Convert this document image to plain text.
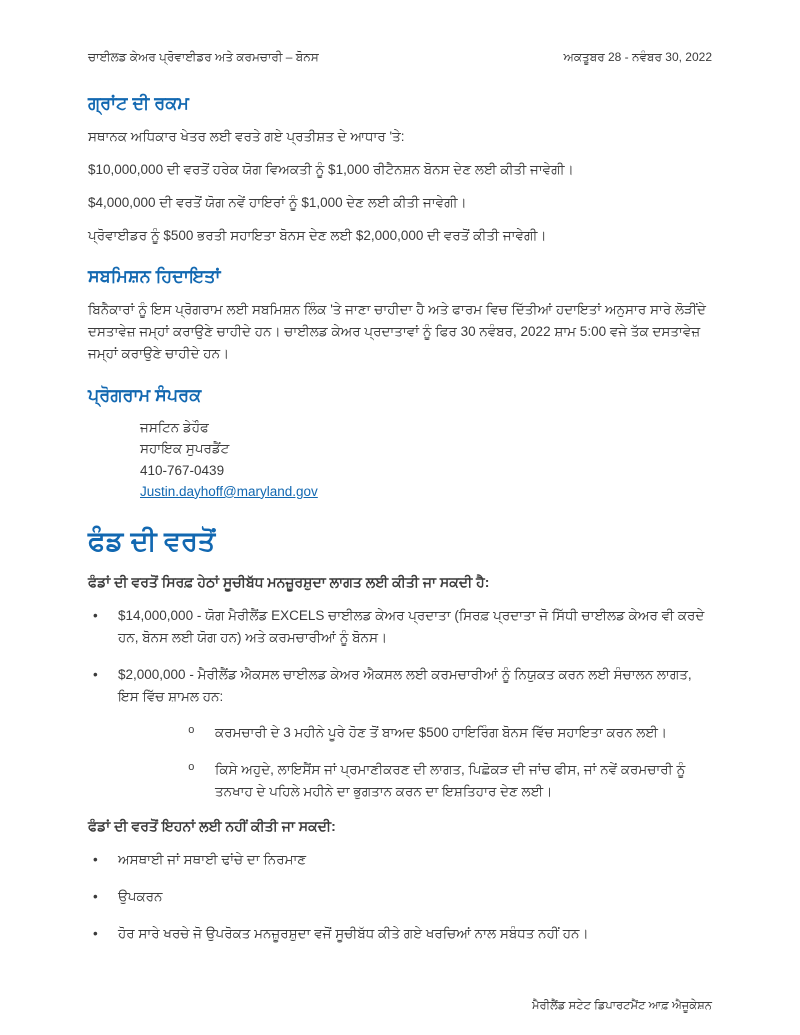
ਚਾਈਲਡ ਕੇਅਰ ਪ੍ਰੋਵਾਈਡਰ ਅਤੇ ਕਰਮਚਾਰੀ – ਬੋਨਸ	ਅਕਤੂਬਰ 28 - ਨਵੰਬਰ 30, 2022
ਗ੍ਰਾਂਟ ਦੀ ਰਕਮ

ਸਥਾਨਕ ਅਧਿਕਾਰ ਖੇਤਰ ਲਈ ਵਰਤੇ ਗਏ ਪ੍ਰਤੀਸ਼ਤ ਦੇ ਆਧਾਰ 'ਤੇ:

$10,000,000 ਦੀ ਵਰਤੋਂ ਹਰੇਕ ਯੋਗ ਵਿਅਕਤੀ ਨੂੰ $1,000 ਰੀਟੈਨਸ਼ਨ ਬੋਨਸ ਦੇਣ ਲਈ ਕੀਤੀ ਜਾਵੇਗੀ।

$4,000,000 ਦੀ ਵਰਤੋਂ ਯੋਗ ਨਵੇਂ ਹਾਇਰਾਂ ਨੂੰ $1,000 ਦੇਣ ਲਈ ਕੀਤੀ ਜਾਵੇਗੀ।

ਪ੍ਰੋਵਾਈਡਰ ਨੂੰ $500 ਭਰਤੀ ਸਹਾਇਤਾ ਬੋਨਸ ਦੇਣ ਲਈ $2,000,000 ਦੀ ਵਰਤੋਂ ਕੀਤੀ ਜਾਵੇਗੀ।

ਸਬਮਿਸ਼ਨ ਹਿਦਾਇਤਾਂ

ਬਿਨੈਕਾਰਾਂ ਨੂੰ ਇਸ ਪ੍ਰੋਗਰਾਮ ਲਈ ਸਬਮਿਸ਼ਨ ਲਿੰਕ 'ਤੇ ਜਾਣਾ ਚਾਹੀਦਾ ਹੈ ਅਤੇ ਫਾਰਮ ਵਿਚ ਦਿੱਤੀਆਂ ਹਦਾਇਤਾਂ ਅਨੁਸਾਰ ਸਾਰੇ ਲੋੜੀਂਦੇ ਦਸਤਾਵੇਜ਼ ਜਮ੍ਹਾਂ ਕਰਾਉਣੇ ਚਾਹੀਦੇ ਹਨ। ਚਾਈਲਡ ਕੇਅਰ ਪ੍ਰਦਾਤਾਵਾਂ ਨੂੰ ਫਿਰ 30 ਨਵੰਬਰ, 2022 ਸ਼ਾਮ 5:00 ਵਜੇ ਤੱਕ ਦਸਤਾਵੇਜ਼ ਜਮ੍ਹਾਂ ਕਰਾਉਣੇ ਚਾਹੀਦੇ ਹਨ।

ਪ੍ਰੋਗਰਾਮ ਸੰਪਰਕ
ਜਸਟਿਨ ਡੇਹੌਫ
ਸਹਾਇਕ ਸੁਪਰਡੈਂਟ
410-767-0439
Justin.dayhoff@maryland.gov
ਫੰਡ ਦੀ ਵਰਤੋਂ

ਫੰਡਾਂ ਦੀ ਵਰਤੋਂ ਸਿਰਫ਼ ਹੇਠਾਂ ਸੂਚੀਬੱਧ ਮਨਜ਼ੂਰਸ਼ੁਦਾ ਲਾਗਤ ਲਈ ਕੀਤੀ ਜਾ ਸਕਦੀ ਹੈ:

• $14,000,000 - ਯੋਗ ਮੈਰੀਲੈਂਡ EXCELS ਚਾਈਲਡ ਕੇਅਰ ਪ੍ਰਦਾਤਾ (ਸਿਰਫ਼ ਪ੍ਰਦਾਤਾ ਜੋ ਸਿੱਧੀ ਚਾਈਲਡ ਕੇਅਰ ਵੀ ਕਰਦੇ ਹਨ, ਬੋਨਸ ਲਈ ਯੋਗ ਹਨ) ਅਤੇ ਕਰਮਚਾਰੀਆਂ ਨੂੰ ਬੋਨਸ।
• $2,000,000 - ਮੈਰੀਲੈਂਡ ਐਕਸਲ ਚਾਈਲਡ ਕੇਅਰ ਐਕਸਲ ਲਈ ਕਰਮਚਾਰੀਆਂ ਨੂੰ ਨਿਯੁਕਤ ਕਰਨ ਲਈ ਸੰਚਾਲਨ ਲਾਗਤ, ਇਸ ਵਿੱਚ ਸ਼ਾਮਲ ਹਨ:
o ਕਰਮਚਾਰੀ ਦੇ 3 ਮਹੀਨੇ ਪੂਰੇ ਹੋਣ ਤੋਂ ਬਾਅਦ $500 ਹਾਇਰਿੰਗ ਬੋਨਸ ਵਿੱਚ ਸਹਾਇਤਾ ਕਰਨ ਲਈ।
o ਕਿਸੇ ਅਹੁਦੇ, ਲਾਇਸੈਂਸ ਜਾਂ ਪ੍ਰਮਾਣੀਕਰਣ ਦੀ ਲਾਗਤ, ਪਿਛੋਕੜ ਦੀ ਜਾਂਚ ਫੀਸ, ਜਾਂ ਨਵੇਂ ਕਰਮਚਾਰੀ ਨੂੰ ਤਨਖਾਹ ਦੇ ਪਹਿਲੇ ਮਹੀਨੇ ਦਾ ਭੁਗਤਾਨ ਕਰਨ ਦਾ ਇਸ਼ਤਿਹਾਰ ਦੇਣ ਲਈ।

ਫੰਡਾਂ ਦੀ ਵਰਤੋਂ ਇਹਨਾਂ ਲਈ ਨਹੀਂ ਕੀਤੀ ਜਾ ਸਕਦੀ:

• ਅਸਥਾਈ ਜਾਂ ਸਥਾਈ ਢਾਂਚੇ ਦਾ ਨਿਰਮਾਣ
• ਉਪਕਰਨ
• ਹੋਰ ਸਾਰੇ ਖਰਚੇ ਜੋ ਉਪਰੋਕਤ ਮਨਜ਼ੂਰਸ਼ੁਦਾ ਵਜੋਂ ਸੂਚੀਬੱਧ ਕੀਤੇ ਗਏ ਖਰਚਿਆਂ ਨਾਲ ਸਬੰਧਤ ਨਹੀਂ ਹਨ।
ਮੈਰੀਲੈਂਡ ਸਟੇਟ ਡਿਪਾਰਟਮੈਂਟ ਆਫ਼ ਐਜੂਕੇਸ਼ਨ
